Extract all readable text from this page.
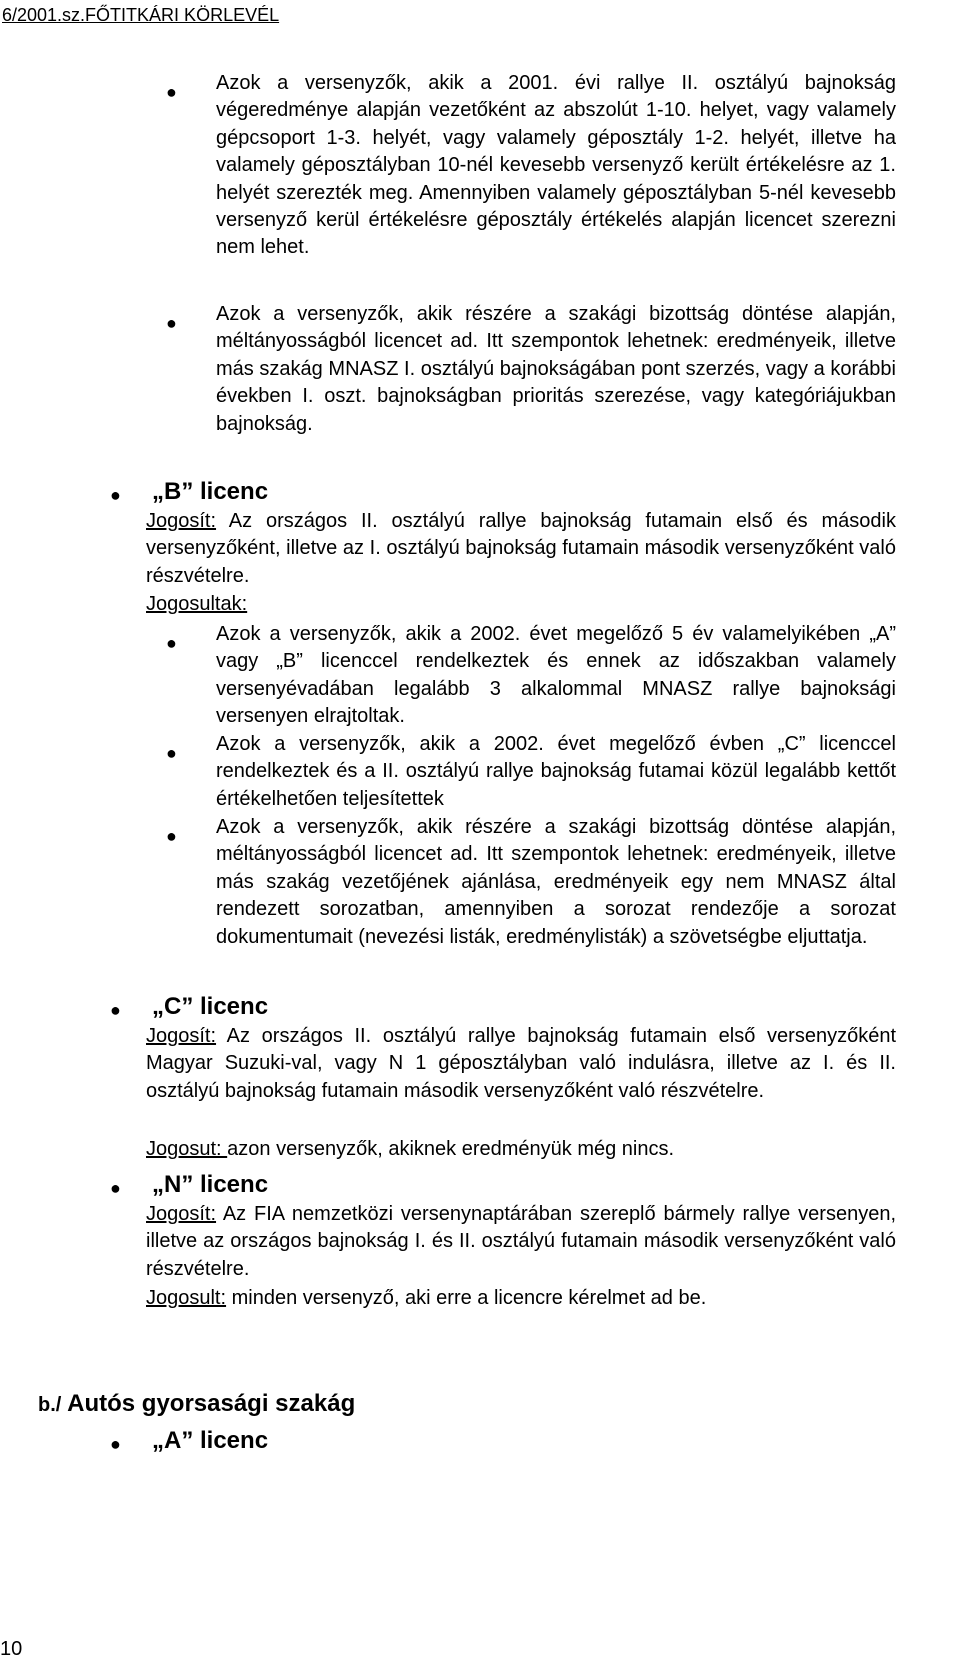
6/2001.sz.FŐTITKÁRI KÖRLEVÉL
● Azok a versenyzők, akik a 2001. évi rallye II. osztályú bajnokság végeredménye alapján vezetőként az abszolút 1-10. helyet, vagy valamely gépcsoport 1-3. helyét, vagy valamely géposztály 1-2. helyét, illetve ha valamely géposztályban 10-nél kevesebb versenyző került értékelésre az 1. helyét szerezték meg. Amennyiben valamely géposztályban 5-nél kevesebb versenyző kerül értékelésre géposztály értékelés alapján licencet szerezni nem lehet.
● Azok a versenyzők, akik részére a szakági bizottság döntése alapján, méltányosságból licencet ad. Itt szempontok lehetnek: eredményeik, illetve más szakág MNASZ I. osztályú bajnokságában pont szerzés, vagy a korábbi években I. oszt. bajnokságban prioritás szerezése, vagy kategóriájukban bajnokság.
● „B” licenc
Jogosít: Az országos II. osztályú rallye bajnokság futamain első és második versenyzőként, illetve az I. osztályú bajnokság futamain második versenyzőként való részvételre.
Jogosultak:
● Azok a versenyzők, akik a 2002. évet megelőző 5 év valamelyikében „A” vagy „B” licenccel rendelkeztek és ennek az időszakban valamely versenyévadában legalább 3 alkalommal MNASZ rallye bajnoksági versenyen elrajtoltak.
● Azok a versenyzők, akik a 2002. évet megelőző évben „C” licenccel rendelkeztek és a II. osztályú rallye bajnokság futamai közül legalább kettőt értékelhetően teljesítettek
● Azok a versenyzők, akik részére a szakági bizottság döntése alapján, méltányosságból licencet ad. Itt szempontok lehetnek: eredményeik, illetve más szakág vezetőjének ajánlása, eredményeik egy nem MNASZ által rendezett sorozatban, amennyiben a sorozat rendezője a sorozat dokumentumait (nevezési listák, eredménylisták) a szövetségbe eljuttatja.
● „C” licenc
Jogosít: Az országos II. osztályú rallye bajnokság futamain első versenyzőként Magyar Suzuki-val, vagy N 1 géposztályban való indulásra, illetve az I. és II. osztályú bajnokság futamain második versenyzőként való részvételre.
Jogosut: azon versenyzők, akiknek eredményük még nincs.
● „N” licenc
Jogosít: Az FIA nemzetközi versenynaptárában szereplő bármely rallye versenyen, illetve az országos bajnokság I. és II. osztályú futamain második versenyzőként való részvételre.
Jogosult: minden versenyző, aki erre a licencre kérelmet ad be.
b./ Autós gyorsasági szakág
● „A” licenc
10
